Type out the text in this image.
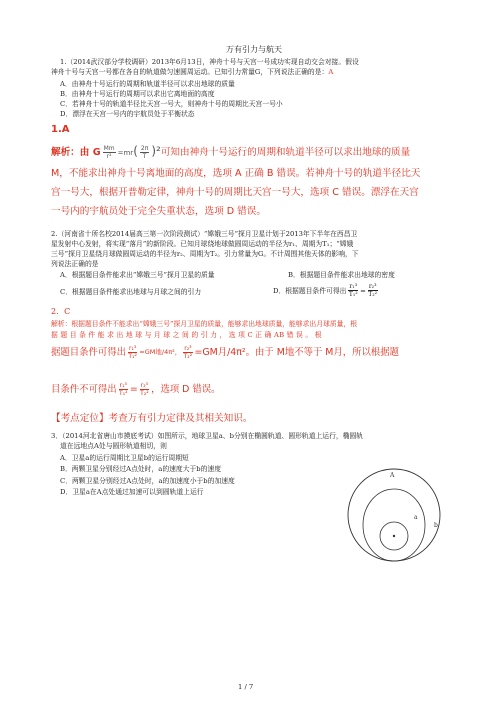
万有引力与航天
1.（2014武汉部分学校调研）2013年6月13日，神舟十号与天宫一号成功实现自动交会对接。假设
神舟十号与天宫一号都在各自的轨道做匀速圆周运动。已知引力常量G，下列说法正确的是：A
A．由神舟十号运行的周期和轨道半径可以求出地球的质量
B．由神舟十号运行的周期可以求出它离地面的高度
C．若神舟十号的轨道半径比天宫一号大，则神舟十号的周期比天宫一号小
D．漂浮在天宫一号内的宇航员处于平衡状态
1.A
解析：由 G $\frac{Mm}{\text{r²}} =mr( \frac{2\pi}{T} )^2$可知由神舟十号运行的周期和轨道半径可以求出地球的质量
M，不能求出神舟十号离地面的高度，选项 A 正确 B 错误。若神舟十号的轨道半径比天
宫一号大，根据开普勒定律，神舟十号的周期比天宫一号大，选项 C 错误。漂浮在天宫
一号内的宇航员处于完全失重状态，选项 D 错误。
2.（河南省十所名校2014届高三第一次阶段测试）“嫦娥三号”探月卫星计划于2013年下半年在西昌卫
星发射中心发射，将实现“落月”的新阶段。已知月球绕地球做圆周运动的半径为r₁、周期为T₁；“嫦娥
三号”探月卫星绕月球做圆周运动的半径为r₂、周期为T₂。引力常量为G。不计周围其他天体的影响，下
列说法正确的是
A．根据题目条件能求出“嫦娥三号”探月卫星的质量	B．根据题目条件能求出地球的密度
C．根据题目条件能求出地球与月球之间的引力	D．根据题目条件可得出 $\frac{\text{r₁³}}{\text{T₁²}} = \frac{\text{r₂³}}{\text{T₂²}}$
2．C
解析：根据题目条件不能求出“嫦娥三号”探月卫星的质量，能够求出地球质量，能够求出月球质量，根
据 题 目 条 件 能 求 出 地 球 与 月 球 之 间 的 引 力 ， 选 项 C 正 确 AB 错 误 。 根
据题目条件可得出 $\frac{\text{r₁³}}{\text{T₁²}} =GM$地/4π²， $\frac{\text{r₂³}}{\text{T₂²}} =GM$月/4π²。由于 M地不等于 M月，所以根据题
目条件不可得出 $\frac{\text{r₁³}}{\text{T₁²}} = \frac{\text{r₂³}}{\text{T₂²}}$ ，选项 D 错误。
【考点定位】考查万有引力定律及其相关知识。
3．（2014河北省唐山市摸底考试）如图所示，地球卫星a、b分别在椭圆轨道、圆形轨道上运行，椭圆轨
道在远地点A处与圆形轨道相切，则
A．卫星a的运行周期比卫星b的运行周期短
B．两颗卫星分别经过A点处时，a的速度大于b的速度
C．两颗卫星分别经过A点处时，a的加速度小于b的加速度
D．卫星a在A点处通过加速可以到圆轨道上运行
a
b
A
1 / 7
